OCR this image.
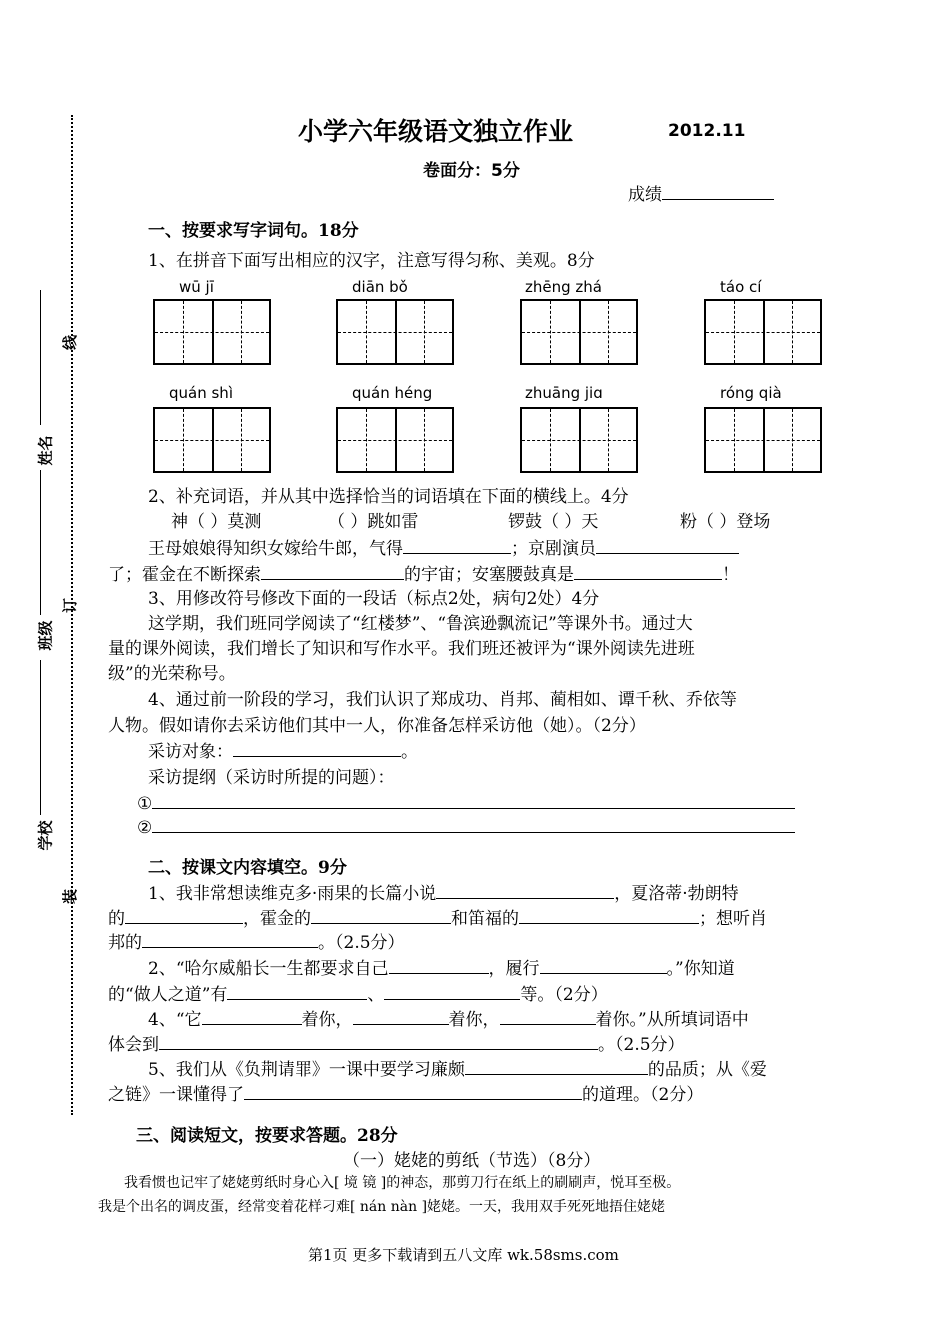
姓名
班级
学校
线
订
装
小学六年级语文独立作业	2012.11
卷面分：5分
成绩
一、按要求写字词句。18分
1、在拼音下面写出相应的汉字，注意写得匀称、美观。8分
wū jī	diān bǒ	zhēng zhá	táo cí
quán shì	quán héng	zhuāng jiɑ	róng qià
2、补充词语，并从其中选择恰当的词语填在下面的横线上。4分
神（ ）莫测	（ ）跳如雷	锣鼓（ ）天	粉（ ）登场
王母娘娘得知织女嫁给牛郎，气得	；京剧演员
了；霍金在不断探索	的宇宙；安塞腰鼓真是	！
3、用修改符号修改下面的一段话（标点2处，病句2处）4分
这学期，我们班同学阅读了“红楼梦”、“鲁滨逊飘流记”等课外书。通过大
量的课外阅读，我们增长了知识和写作水平。我们班还被评为“课外阅读先进班
级”的光荣称号。
4、通过前一阶段的学习，我们认识了郑成功、肖邦、蔺相如、谭千秋、乔依等
人物。假如请你去采访他们其中一人，你准备怎样采访他（她）。（2分）
采访对象：	。
采访提纲（采访时所提的问题）：
①
②
二、按课文内容填空。9分
1、我非常想读维克多·雨果的长篇小说	，夏洛蒂·勃朗特
的	，霍金的	和笛福的	；想听肖
邦的	。（2.5分）
2、“哈尔威船长一生都要求自己	，履行	。”你知道
的“做人之道”有	、	等。（2分）
4、“它	着你，	着你，	着你。”从所填词语中
体会到	。（2.5分）
5、我们从《负荆请罪》一课中要学习廉颇	的品质；从《爱
之链》一课懂得了	的道理。（2分）
三、阅读短文，按要求答题。28分
（一）姥姥的剪纸（节选）（8分）
我看惯也记牢了姥姥剪纸时身心入[ 境 镜 ]的神态，那剪刀行在纸上的刷刷声，悦耳至极。
我是个出名的调皮蛋，经常变着花样刁难[ nán nàn ]姥姥。一天，我用双手死死地捂住姥姥
第1页 更多下载请到五八文库 wk.58sms.com
